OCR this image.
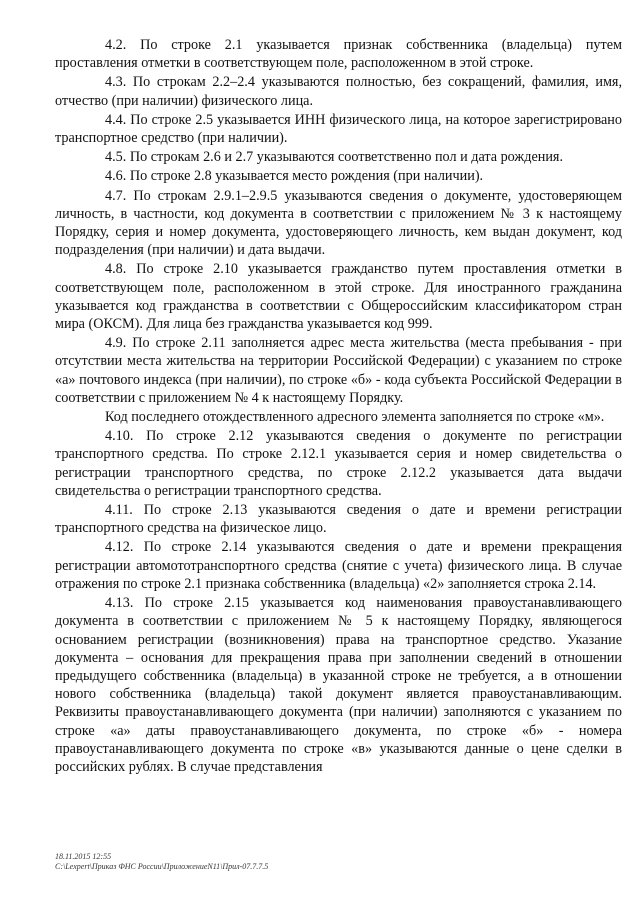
4.2. По строке 2.1 указывается признак собственника (владельца) путем проставления отметки в соответствующем поле, расположенном в этой строке.

4.3. По строкам 2.2–2.4 указываются полностью, без сокращений, фамилия, имя, отчество (при наличии) физического лица.

4.4. По строке 2.5 указывается ИНН физического лица, на которое зарегистрировано транспортное средство (при наличии).

4.5. По строкам 2.6 и 2.7 указываются соответственно пол и дата рождения.

4.6. По строке 2.8 указывается место рождения (при наличии).

4.7. По строкам 2.9.1–2.9.5 указываются сведения о документе, удостоверяющем личность, в частности, код документа в соответствии с приложением № 3 к настоящему Порядку, серия и номер документа, удостоверяющего личность, кем выдан документ, код подразделения (при наличии) и дата выдачи.

4.8. По строке 2.10 указывается гражданство путем проставления отметки в соответствующем поле, расположенном в этой строке. Для иностранного гражданина указывается код гражданства в соответствии с Общероссийским классификатором стран мира (ОКСМ). Для лица без гражданства указывается код 999.

4.9. По строке 2.11 заполняется адрес места жительства (места пребывания - при отсутствии места жительства на территории Российской Федерации) с указанием по строке «а» почтового индекса (при наличии), по строке «б» - кода субъекта Российской Федерации в соответствии с приложением № 4 к настоящему Порядку.

Код последнего отождествленного адресного элемента заполняется по строке «м».

4.10. По строке 2.12 указываются сведения о документе по регистрации транспортного средства. По строке 2.12.1 указывается серия и номер свидетельства о регистрации транспортного средства, по строке 2.12.2 указывается дата выдачи свидетельства о регистрации транспортного средства.

4.11. По строке 2.13 указываются сведения о дате и времени регистрации транспортного средства на физическое лицо.

4.12. По строке 2.14 указываются сведения о дате и времени прекращения регистрации автомототранспортного средства (снятие с учета) физического лица. В случае отражения по строке 2.1 признака собственника (владельца) «2» заполняется строка 2.14.

4.13. По строке 2.15 указывается код наименования правоустанавливающего документа в соответствии с приложением № 5 к настоящему Порядку, являющегося основанием регистрации (возникновения) права на транспортное средство. Указание документа – основания для прекращения права при заполнении сведений в отношении предыдущего собственника (владельца) в указанной строке не требуется, а в отношении нового собственника (владельца) такой документ является правоустанавливающим. Реквизиты правоустанавливающего документа (при наличии) заполняются с указанием по строке «а» даты правоустанавливающего документа, по строке «б» - номера правоустанавливающего документа по строке «в» указываются данные о цене сделки в российских рублях. В случае представления

18.11.2015 12:55
C:\Lexpert\Приказ ФНС России\ПриложениеN11\Прил-07.7.7.5
